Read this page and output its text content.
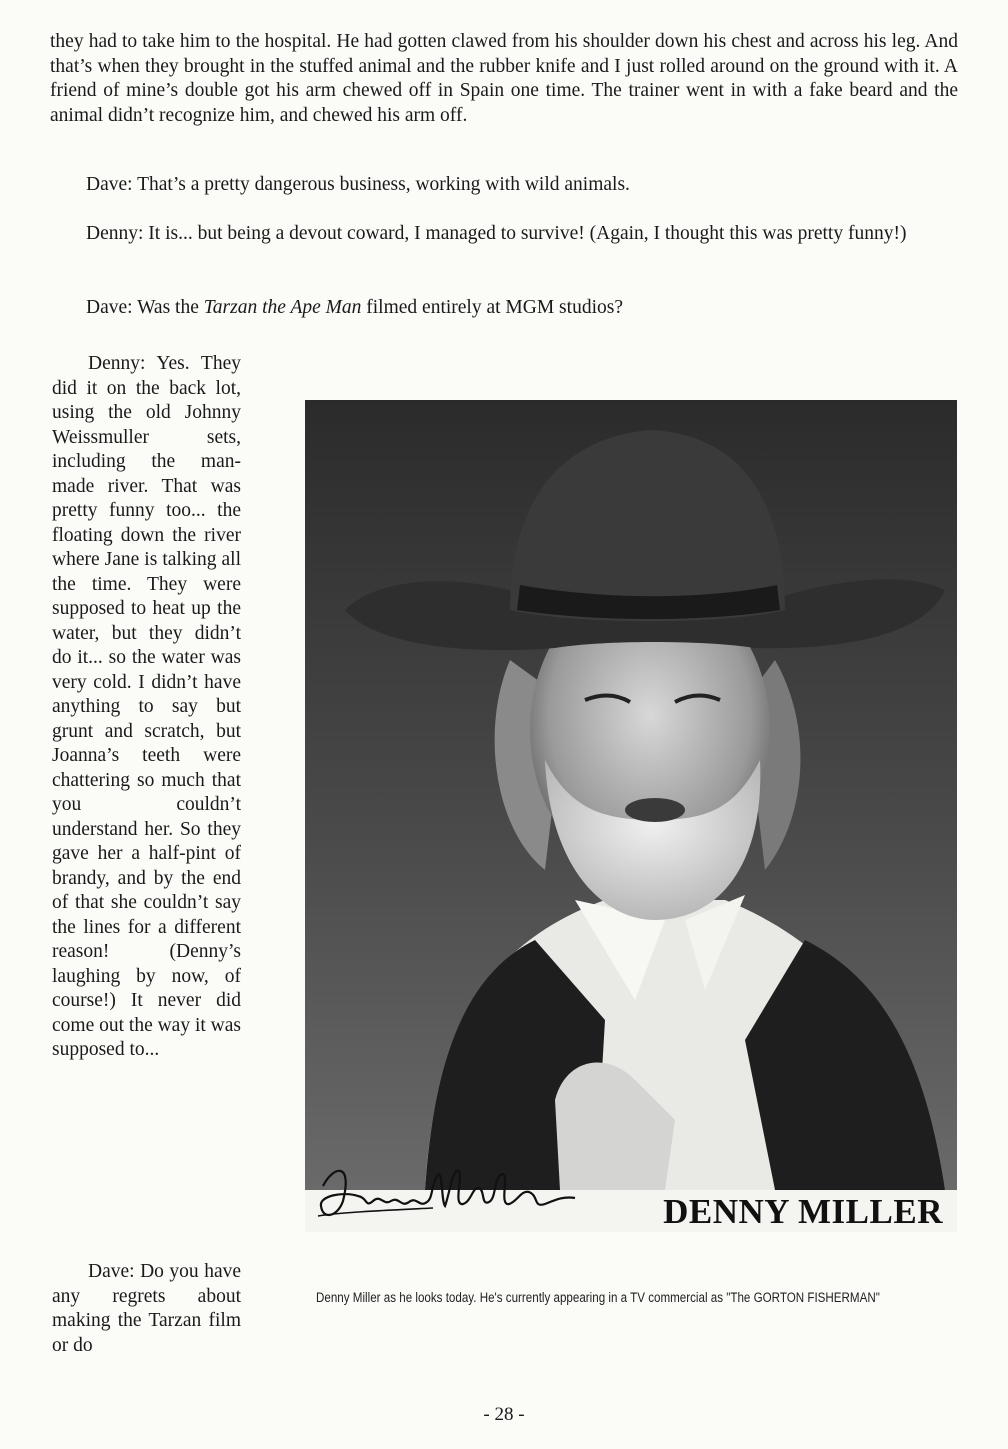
they had to take him to the hospital. He had gotten clawed from his shoulder down his chest and across his leg. And that’s when they brought in the stuffed animal and the rubber knife and I just rolled around on the ground with it. A friend of mine’s double got his arm chewed off in Spain one time. The trainer went in with a fake beard and the animal didn’t recognize him, and chewed his arm off.

Dave: That’s a pretty dangerous business, working with wild animals.

Denny: It is... but being a devout coward, I managed to survive! (Again, I thought this was pretty funny!)

Dave: Was the Tarzan the Ape Man filmed entirely at MGM studios?

Denny: Yes. They did it on the back lot, using the old Johnny Weissmuller sets, including the man-made river. That was pretty funny too... the floating down the river where Jane is talking all the time. They were supposed to heat up the water, but they didn’t do it... so the water was very cold. I didn’t have anything to say but grunt and scratch, but Joanna’s teeth were chattering so much that you couldn’t understand her. So they gave her a half-pint of brandy, and by the end of that she couldn’t say the lines for a different reason! (Denny’s laughing by now, of course!) It never did come out the way it was supposed to...

Dave: Do you have any regrets about making the Tarzan film or do

DENNY MILLER
Denny Miller as he looks today. He's currently appearing in a TV commercial as "The GORTON FISHERMAN"
- 28 -
